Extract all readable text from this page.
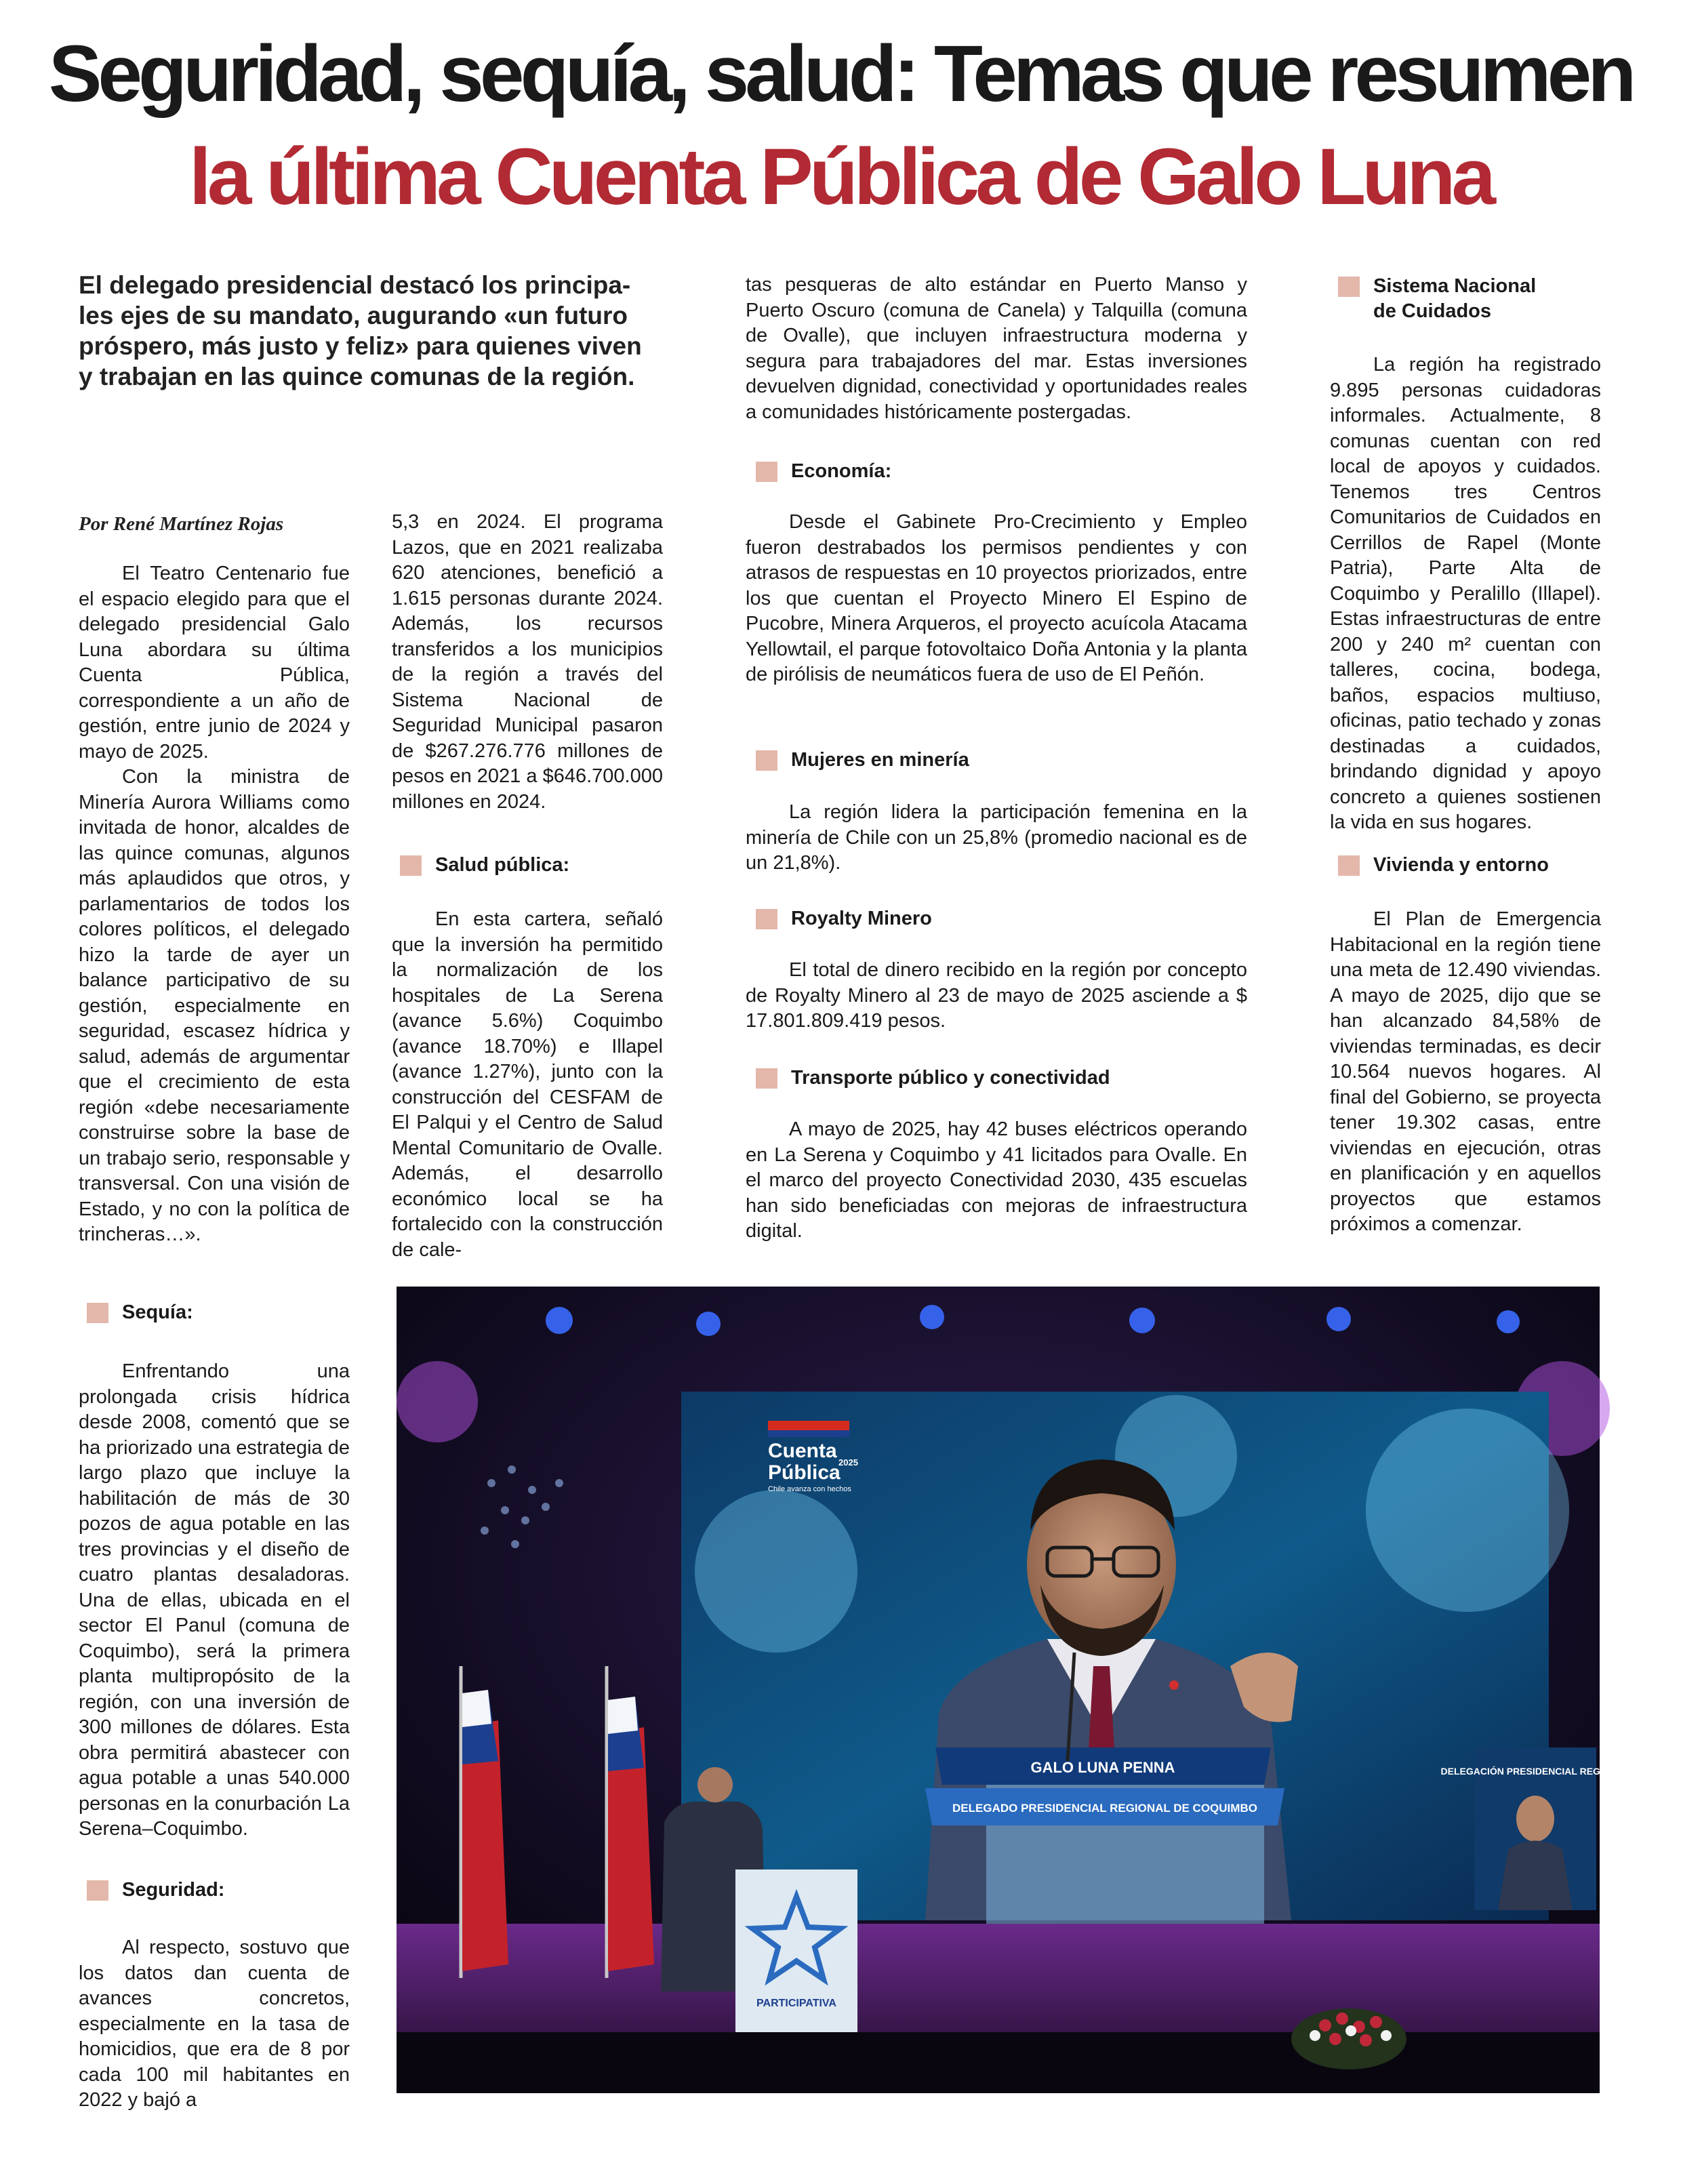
Seguridad, sequía, salud: Temas que resumen
la última Cuenta Pública de Galo Luna
El delegado presidencial destacó los principa-les ejes de su mandato, augurando «un futuro próspero, más justo y feliz» para quienes viven y trabajan en las quince comunas de la región.
Por René Martínez Rojas

El Teatro Centenario fue el espacio elegido para que el delegado presidencial Galo Luna abordara su última Cuenta Pública, correspondiente a un año de gestión, entre junio de 2024 y mayo de 2025.

Con la ministra de Minería Aurora Williams como invitada de honor, alcaldes de las quince comunas, algunos más aplaudidos que otros, y parlamentarios de todos los colores políticos, el delegado hizo la tarde de ayer un balance participativo de su gestión, especialmente en seguridad, escasez hídrica y salud, además de argumentar que el crecimiento de esta región «debe necesariamente construirse sobre la base de un trabajo serio, responsable y transversal. Con una visión de Estado, y no con la política de trincheras…».

Sequía:

Enfrentando una prolongada crisis hídrica desde 2008, comentó que se ha priorizado una estrategia de largo plazo que incluye la habilitación de más de 30 pozos de agua potable en las tres provincias y el diseño de cuatro plantas desaladoras. Una de ellas, ubicada en el sector El Panul (comuna de Coquimbo), será la primera planta multipropósito de la región, con una inversión de 300 millones de dólares. Esta obra permitirá abastecer con agua potable a unas 540.000 personas en la conurbación La Serena–Coquimbo.

Seguridad:

Al respecto, sostuvo que los datos dan cuenta de avances concretos, especialmente en la tasa de homicidios, que era de 8 por cada 100 mil habitantes en 2022 y bajó a

5,3 en 2024. El programa Lazos, que en 2021 realizaba 620 atenciones, benefició a 1.615 personas durante 2024. Además, los recursos transferidos a los municipios de la región a través del Sistema Nacional de Seguridad Municipal pasaron de $267.276.776 millones de pesos en 2021 a $646.700.000 millones en 2024.

Salud pública:

En esta cartera, señaló que la inversión ha permitido la normalización de los hospitales de La Serena (avance 5.6%) Coquimbo (avance 18.70%) e Illapel (avance 1.27%), junto con la construcción del CESFAM de El Palqui y el Centro de Salud Mental Comunitario de Ovalle. Además, el desarrollo económico local se ha fortalecido con la construcción de cale-

tas pesqueras de alto estándar en Puerto Manso y Puerto Oscuro (comuna de Canela) y Talquilla (comuna de Ovalle), que incluyen infraestructura moderna y segura para trabajadores del mar. Estas inversiones devuelven dignidad, conectividad y oportunidades reales a comunidades históricamente postergadas.

Economía:

Desde el Gabinete Pro-Crecimiento y Empleo fueron destrabados los permisos pendientes y con atrasos de respuestas en 10 proyectos priorizados, entre los que cuentan el Proyecto Minero El Espino de Pucobre, Minera Arqueros, el proyecto acuícola Atacama Yellowtail, el parque fotovoltaico Doña Antonia y la planta de pirólisis de neumáticos fuera de uso de El Peñón.

Mujeres en minería

La región lidera la participación femenina en la minería de Chile con un 25,8% (promedio nacional es de un 21,8%).

Royalty Minero

El total de dinero recibido en la región por concepto de Royalty Minero al 23 de mayo de 2025 asciende a $ 17.801.809.419 pesos.

Transporte público y conectividad

A mayo de 2025, hay 42 buses eléctricos operando en La Serena y Coquimbo y 41 licitados para Ovalle. En el marco del proyecto Conectividad 2030, 435 escuelas han sido beneficiadas con mejoras de infraestructura digital.

Sistema Nacional
de Cuidados

La región ha registrado 9.895 personas cuidadoras informales. Actualmente, 8 comunas cuentan con red local de apoyos y cuidados. Tenemos tres Centros Comunitarios de Cuidados en Cerrillos de Rapel (Monte Patria), Parte Alta de Coquimbo y Peralillo (Illapel). Estas infraestructuras de entre 200 y 240 m² cuentan con talleres, cocina, bodega, baños, espacios multiuso, oficinas, patio techado y zonas destinadas a cuidados, brindando dignidad y apoyo concreto a quienes sostienen la vida en sus hogares.

Vivienda y entorno

El Plan de Emergencia Habitacional en la región tiene una meta de 12.490 viviendas. A mayo de 2025, dijo que se han alcanzado 84,58% de viviendas terminadas, es decir 10.564 nuevos hogares. Al final del Gobierno, se proyecta tener 19.302 casas, entre viviendas en ejecución, otras en planificación y en aquellos proyectos que estamos próximos a comenzar.

Cuenta
Pública
2025
Chile avanza con hechos
GALO LUNA PENNA
DELEGADO PRESIDENCIAL REGIONAL DE COQUIMBO
DELEGACIÓN PRESIDENCIAL REGIONAL
PARTICIPATIVA
